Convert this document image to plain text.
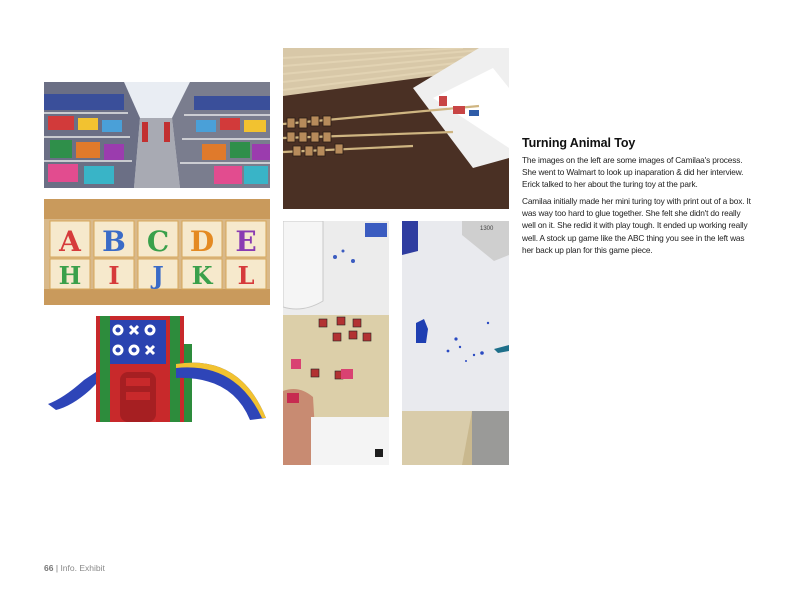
A B C D E
H I J K L
1300
Turning Animal Toy

The images on the left are some images of Camilaa's process. She went to Walmart to look up inaparation & did her interview. Erick talked to her about the turing toy at the park.

Camilaa initially made her mini turing toy with print out of a box. It was way too hard to glue together. She felt she didn't do really well on it. She redid it with play tough. It ended up working really well. A stock up game like the ABC thing you see in the left was her back up plan for this game piece.

66 | Info. Exhibit
